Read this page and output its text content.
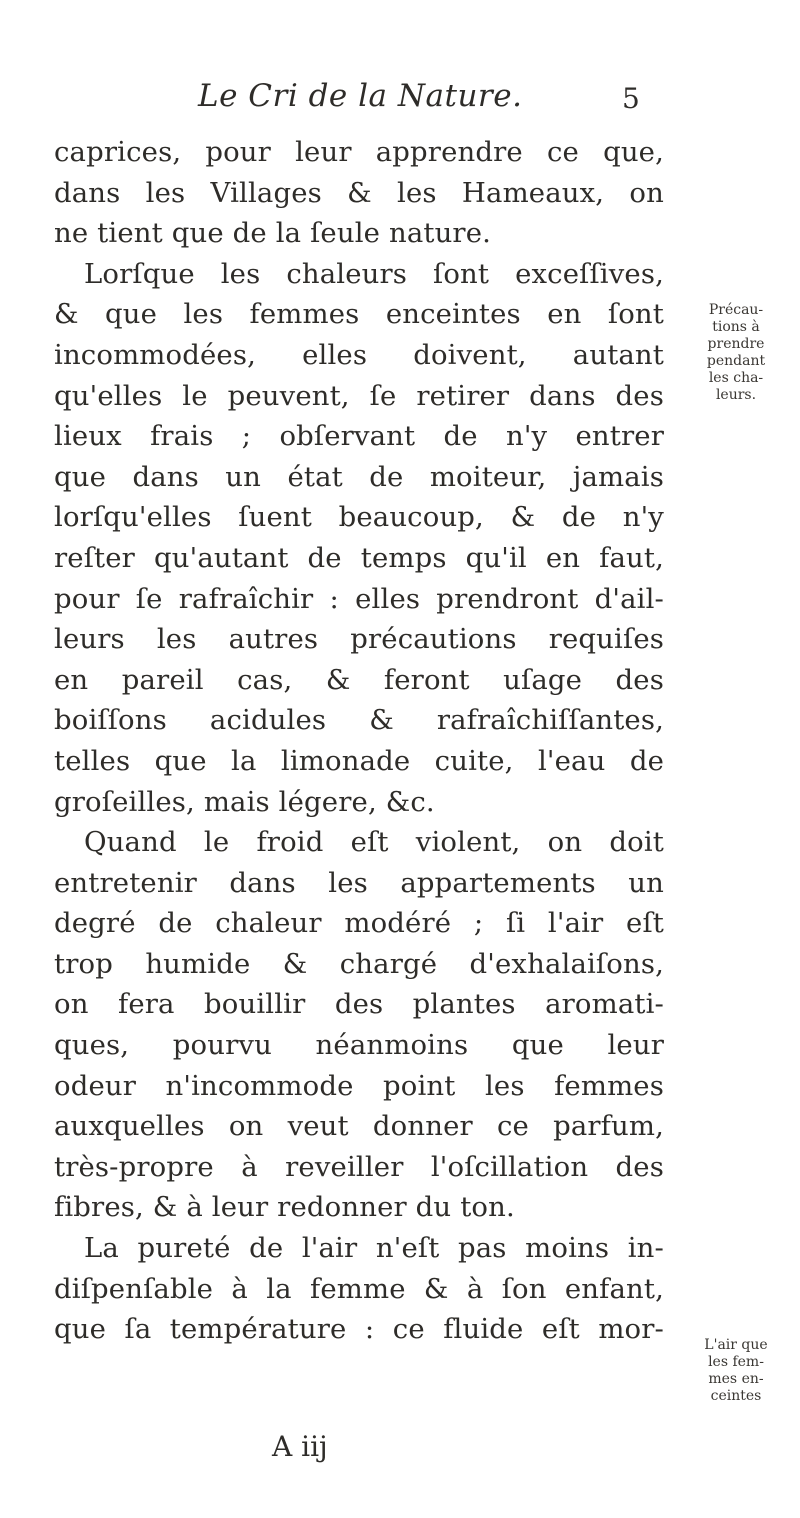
Le Cri de la Nature.	5
caprices, pour leur apprendre ce que,
dans les Villages & les Hameaux, on
ne tient que de la ſeule nature.
Lorſque les chaleurs ſont exceſſives,
& que les femmes enceintes en ſont
incommodées, elles doivent, autant
qu'elles le peuvent, ſe retirer dans des
lieux frais ; obſervant de n'y entrer
que dans un état de moiteur, jamais
lorſqu'elles ſuent beaucoup, & de n'y
reſter qu'autant de temps qu'il en faut,
pour ſe rafraîchir : elles prendront d'ail-
leurs les autres précautions requiſes
en pareil cas, & feront uſage des
boiſſons acidules & rafraîchiſſantes,
telles que la limonade cuite, l'eau de
groſeilles, mais légere, &c.
Quand le froid eſt violent, on doit
entretenir dans les appartements un
degré de chaleur modéré ; ſi l'air eſt
trop humide & chargé d'exhalaiſons,
on fera bouillir des plantes aromati-
ques, pourvu néanmoins que leur
odeur n'incommode point les femmes
auxquelles on veut donner ce parfum,
très-propre à reveiller l'oſcillation des
fibres, & à leur redonner du ton.
La pureté de l'air n'eſt pas moins in-
diſpenſable à la femme & à ſon enfant,
que ſa température : ce fluide eſt mor-
A iij
Précau-
tions à
prendre
pendant
les cha-
leurs.
L'air que
les fem-
mes en-
ceintes
